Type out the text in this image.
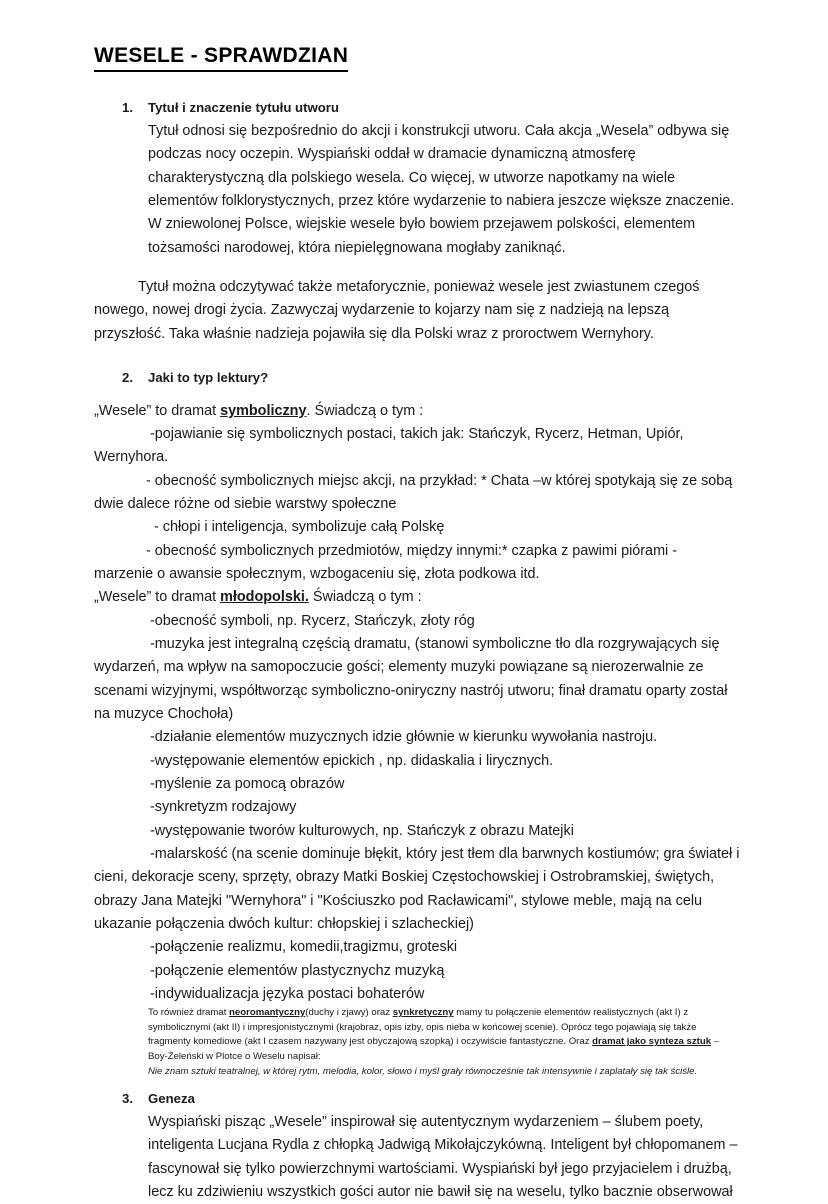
WESELE - SPRAWDZIAN
1. Tytuł i znaczenie tytułu utworu
Tytuł odnosi się bezpośrednio do akcji i konstrukcji utworu. Cała akcja „Wesela” odbywa się podczas nocy oczepin. Wyspiański oddał w dramacie dynamiczną atmosferę charakterystyczną dla polskiego wesela. Co więcej, w utworze napotkamy na wiele elementów folklorystycznych, przez które wydarzenie to nabiera jeszcze większe znaczenie. W zniewolonej Polsce, wiejskie wesele było bowiem przejawem polskości, elementem tożsamości narodowej, która niepielęgnowana mogłaby zaniknąć.
Tytuł można odczytywać także metaforycznie, ponieważ wesele jest zwiastunem czegoś nowego, nowej drogi życia. Zazwyczaj wydarzenie to kojarzy nam się z nadzieją na lepszą przyszłość. Taka właśnie nadzieja pojawiła się dla Polski wraz z proroctwem Wernyhory.
2. Jaki to typ lektury?
„Wesele” to dramat symboliczny. Świadczą o tym :
-pojawianie się symbolicznych postaci, takich jak: Stańczyk, Rycerz, Hetman, Upiór, Wernyhora.
- obecność symbolicznych miejsc akcji, na przykład: * Chata –w której spotykają się ze sobą dwie dalece różne od siebie warstwy społeczne
- chłopi i inteligencja, symbolizuje całą Polskę
- obecność symbolicznych przedmiotów, między innymi:* czapka z pawimi piórami - marzenie o awansie społecznym, wzbogaceniu się, złota podkowa itd.
„Wesele” to dramat młodopolski. Świadczą o tym :
-obecność symboli, np. Rycerz, Stańczyk, złoty róg
-muzyka jest integralną częścią dramatu, (stanowi symboliczne tło dla rozgrywających się wydarzeń, ma wpływ na samopoczucie gości; elementy muzyki powiązane są nierozerwalnie ze scenami wizyjnymi, współtworząc symboliczno-oniryczny nastrój utworu; finał dramatu oparty został na muzyce Chochoła)
-działanie elementów muzycznych idzie głównie w kierunku wywołania nastroju.
-występowanie elementów epickich , np. didaskalia i lirycznych.
-myślenie za pomocą obrazów
-synkretyzm rodzajowy
-występowanie tworów kulturowych, np. Stańczyk z obrazu Matejki
-malarskość (na scenie dominuje błękit, który jest tłem dla barwnych kostiumów; gra świateł i cieni, dekoracje sceny, sprzęty, obrazy Matki Boskiej Częstochowskiej i Ostrobramskiej, świętych, obrazy Jana Matejki "Wernyhora" i "Kościuszko pod Racławicami", stylowe meble, mają na celu ukazanie połączenia dwóch kultur: chłopskiej i szlacheckiej)
-połączenie realizmu, komedii,tragizmu, groteski
-połączenie elementów plastycznychz muzyką
-indywidualizacja języka postaci bohaterów
To również dramat neoromantyczny(duchy i zjawy) oraz synkretyczny mamy tu połączenie elementów realistycznych (akt I) z symbolicznymi (akt II) i impresjonistycznymi (krajobraz, opis izby, opis nieba w końcowej scenie). Oprócz tego pojawiają się także fragmenty komediowe (akt I czasem nazywany jest obyczajową szopką) i oczywiście fantastyczne. Oraz dramat jako synteza sztuk – Boy-Żeleński w Plotce o Weselu napisał:
Nie znam sztuki teatralnej, w której rytm, melodia, kolor, słowo i myśl grały równocześnie tak intensywnie i zaplatały się tak ściśle.
3. Geneza
Wyspiański pisząc „Wesele” inspirował się autentycznym wydarzeniem – ślubem poety, inteligenta Lucjana Rydla z chłopką Jadwigą Mikołajczykówną. Inteligent był chłopomanem – fascynował się tylko powierzchnymi wartościami. Wyspiański był jego przyjacielem i drużbą, lecz ku zdziwieniu wszystkich gości autor nie bawił się na weselu, tylko bacznie obserwował
